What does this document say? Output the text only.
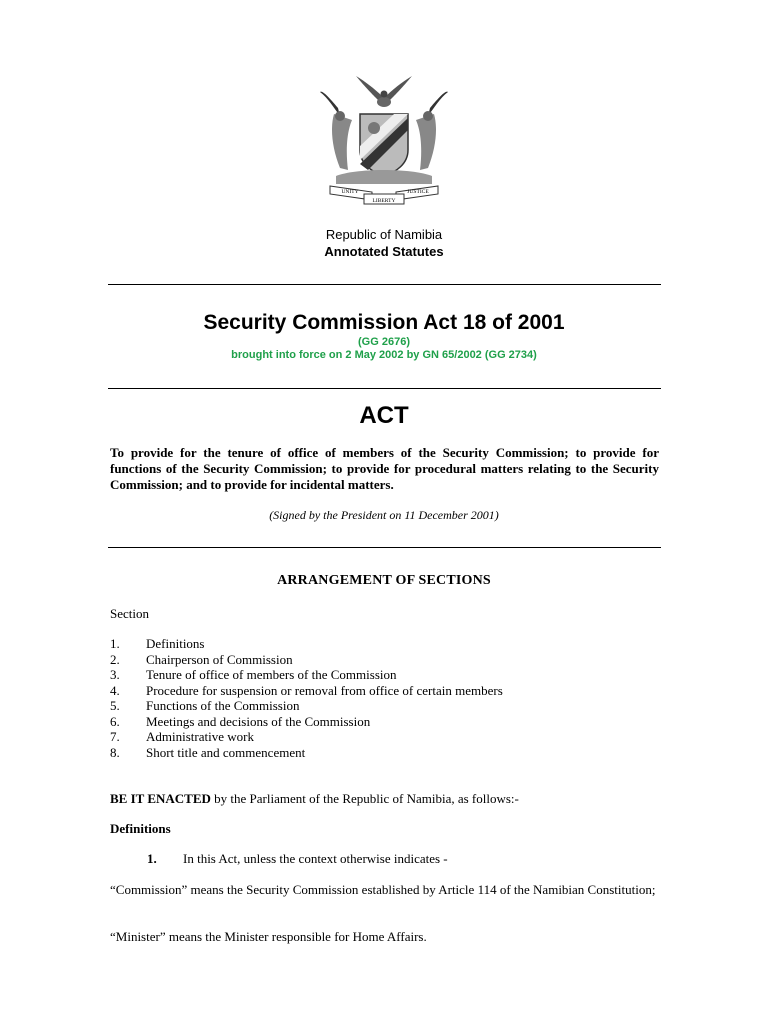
UNITY
LIBERTY
JUSTICE
Republic of Namibia
Annotated Statutes
Security Commission Act 18 of 2001
(GG 2676)
brought into force on 2 May 2002 by GN 65/2002 (GG 2734)
ACT
To provide for the tenure of office of members of the Security Commission; to provide for functions of the Security Commission; to provide for procedural matters relating to the Security Commission; and to provide for incidental matters.
(Signed by the President on 11 December 2001)
ARRANGEMENT OF SECTIONS
Section
1.	Definitions
2.	Chairperson of Commission
3.	Tenure of office of members of the Commission
4.	Procedure for suspension or removal from office of certain members
5.	Functions of the Commission
6.	Meetings and decisions of the Commission
7.	Administrative work
8.	Short title and commencement
BE IT ENACTED by the Parliament of the Republic of Namibia, as follows:-
Definitions
1. In this Act, unless the context otherwise indicates -
“Commission” means the Security Commission established by Article 114 of the Namibian Constitution;
“Minister” means the Minister responsible for Home Affairs.
